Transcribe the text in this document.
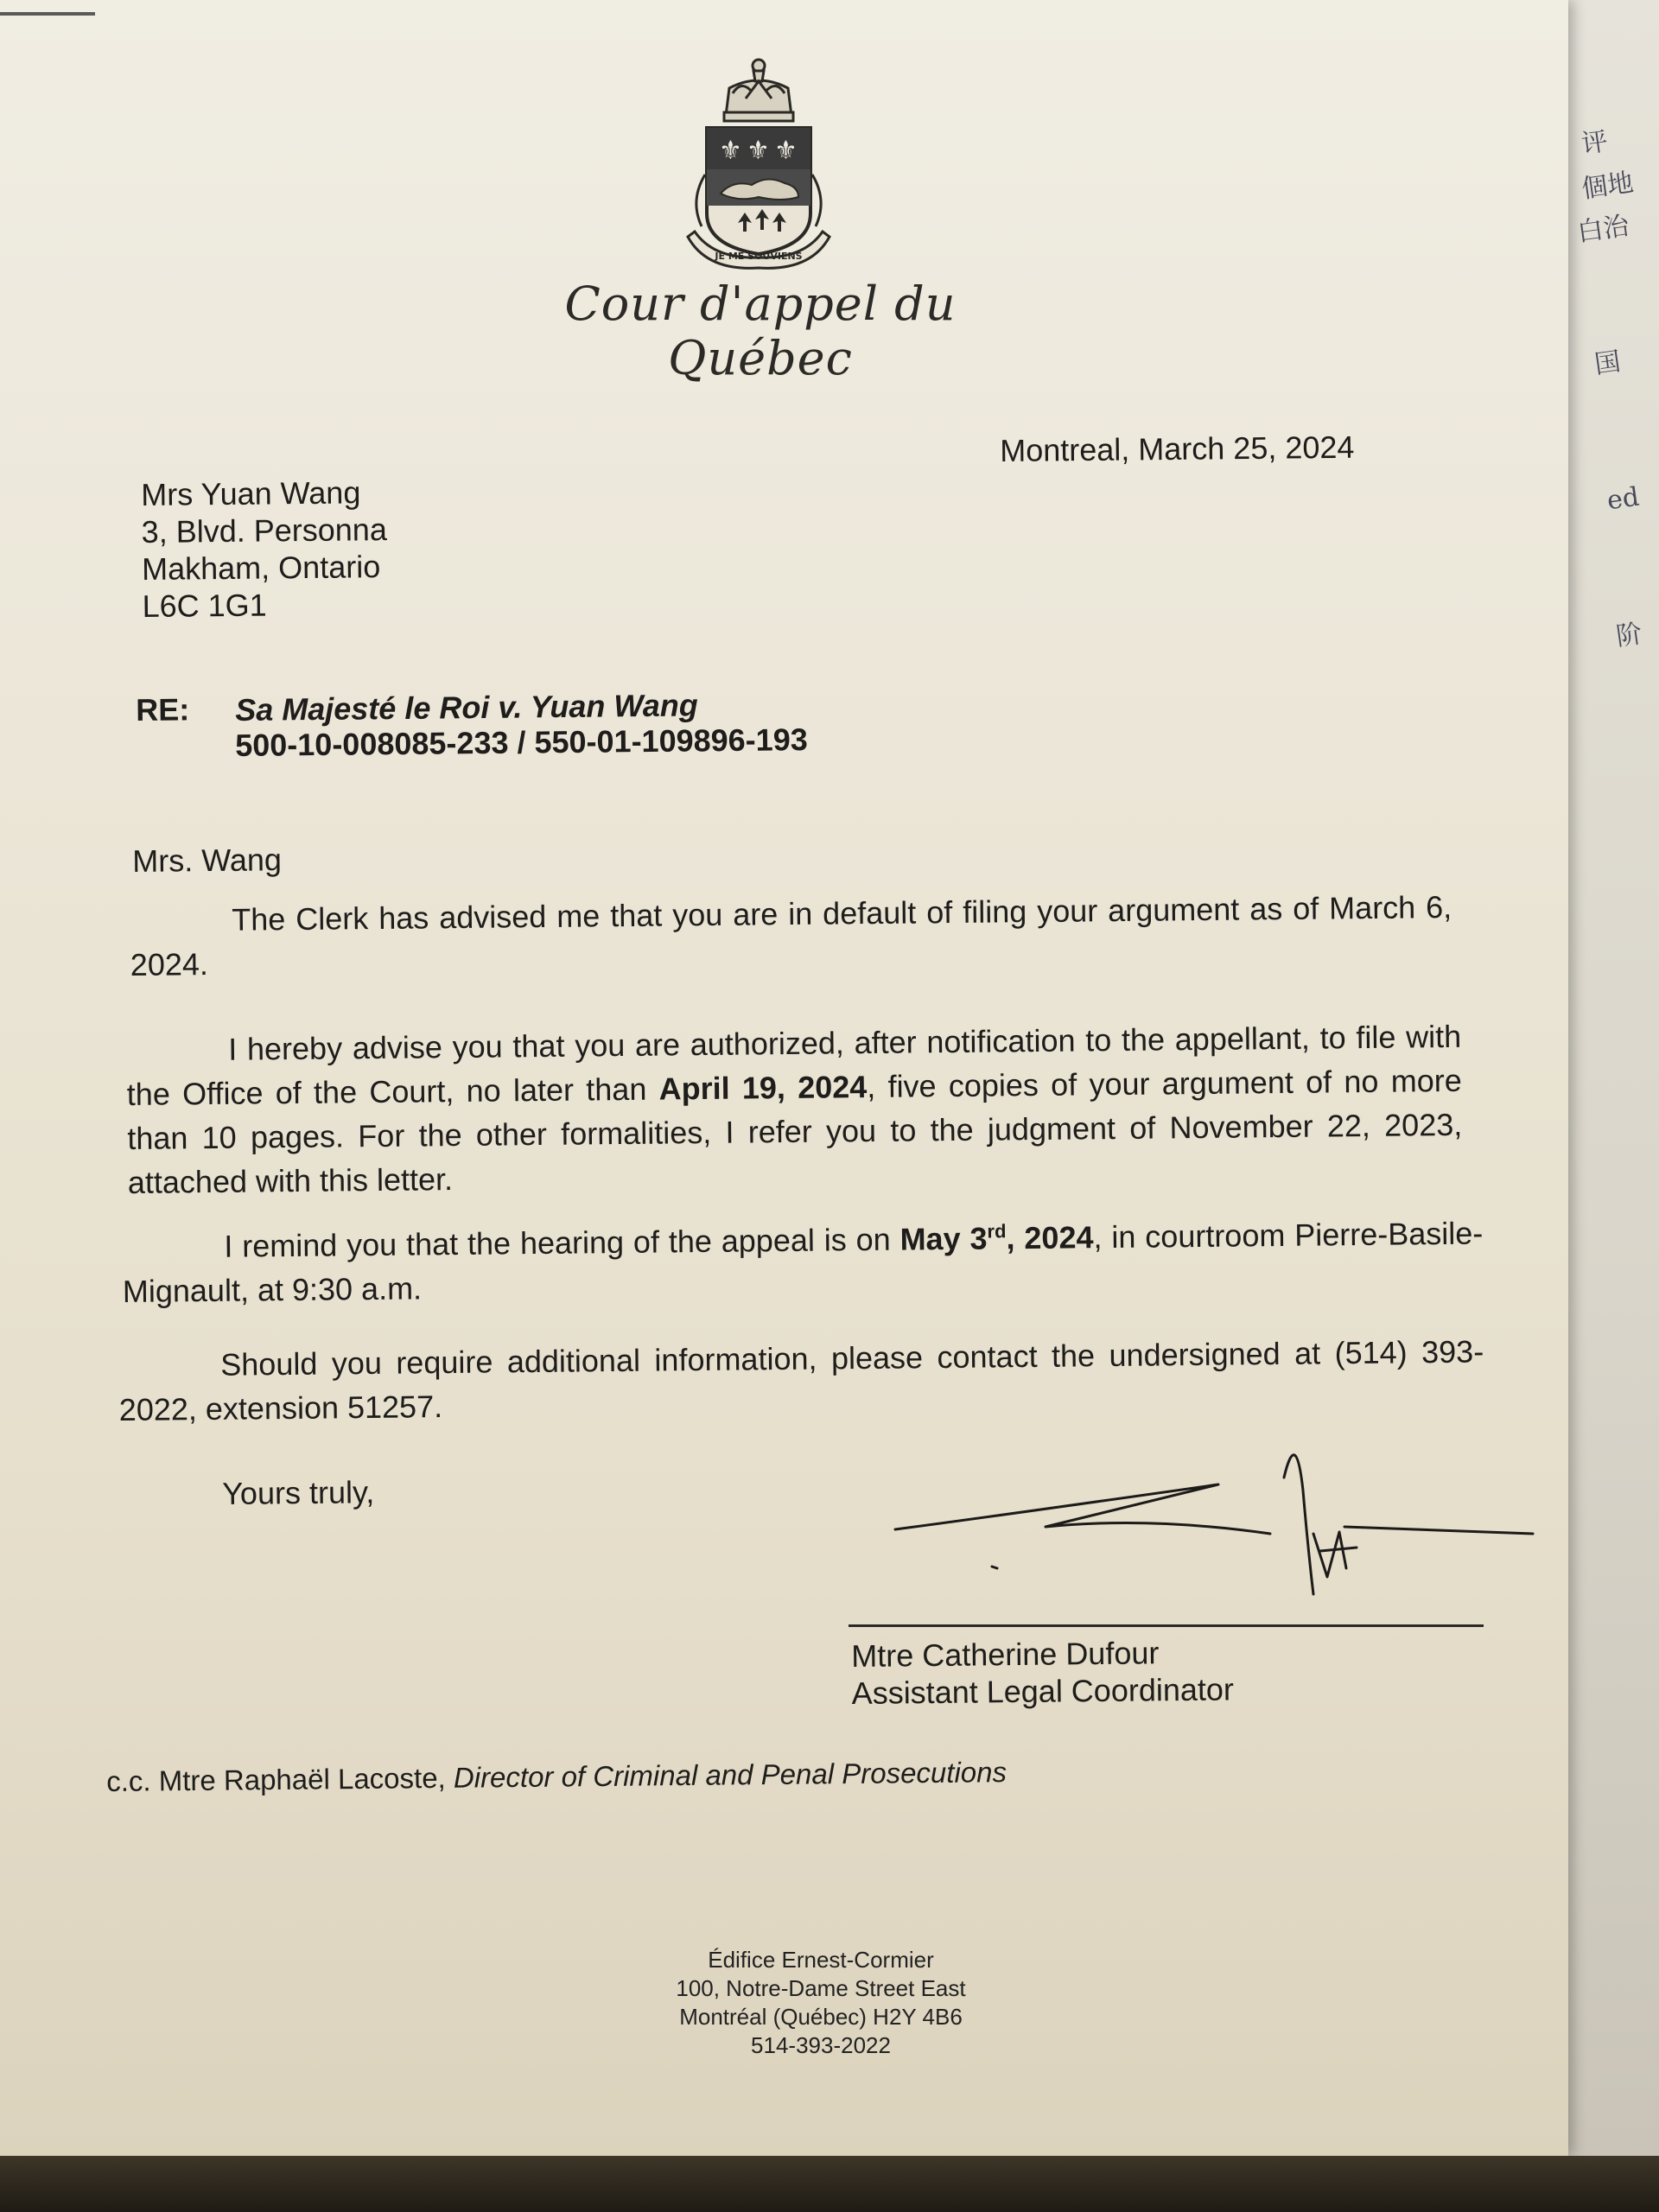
评
個地
白治
国
ed
阶
⚜ ⚜ ⚜
JE ME SOUVIENS
Cour d'appel du Québec
Montreal, March 25, 2024
Mrs Yuan Wang
3, Blvd. Personna
Makham, Ontario
L6C 1G1
RE: Sa Majesté le Roi v. Yuan Wang
500-10-008085-233 / 550-01-109896-193
Mrs. Wang
The Clerk has advised me that you are in default of filing your argument as of March 6, 2024.
I hereby advise you that you are authorized, after notification to the appellant, to file with the Office of the Court, no later than April 19, 2024, five copies of your argument of no more than 10 pages. For the other formalities, I refer you to the judgment of November 22, 2023, attached with this letter.
I remind you that the hearing of the appeal is on May 3rd, 2024, in courtroom Pierre-Basile-Mignault, at 9:30 a.m.
Should you require additional information, please contact the undersigned at (514) 393-2022, extension 51257.
Yours truly,
Mtre Catherine Dufour
Assistant Legal Coordinator
c.c. Mtre Raphaël Lacoste, Director of Criminal and Penal Prosecutions
Édifice Ernest-Cormier
100, Notre-Dame Street East
Montréal (Québec) H2Y 4B6
514-393-2022
